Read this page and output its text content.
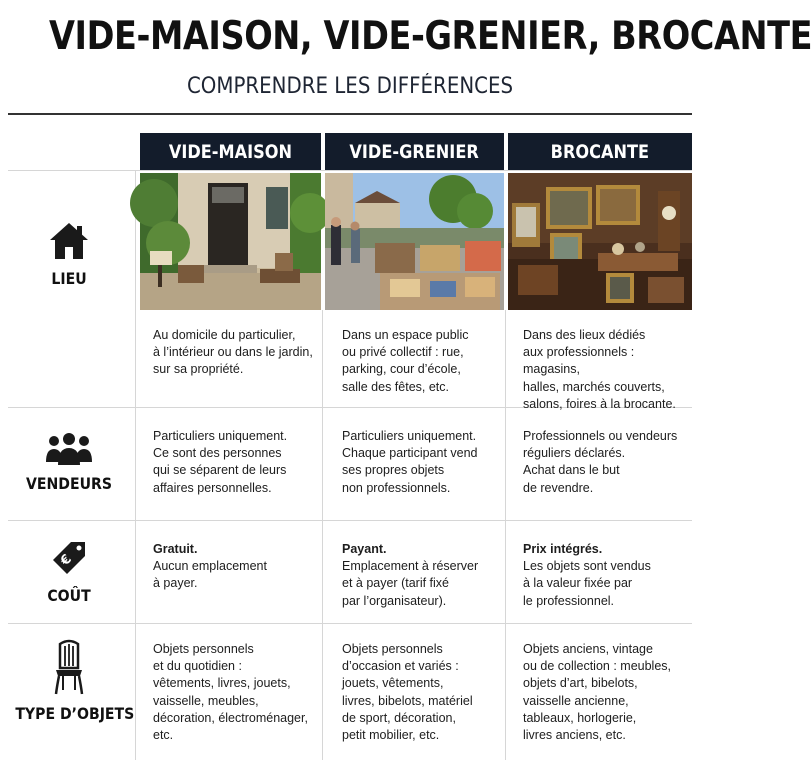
VIDE-MAISON, VIDE-GRENIER, BROCANTE
COMPRENDRE LES DIFFÉRENCES
VIDE-MAISON	VIDE-GRENIER	BROCANTE
LIEU
VENDEURS
€
COÛT
TYPE D’OBJETS
Au domicile du particulier,
à l’intérieur ou dans le jardin,
sur sa propriété.
Dans un espace public
ou privé collectif : rue,
parking, cour d’école,
salle des fêtes, etc.
Dans des lieux dédiés
aux professionnels : magasins,
halles, marchés couverts,
salons, foires à la brocante.
Particuliers uniquement.
Ce sont des personnes
qui se séparent de leurs
affaires personnelles.
Particuliers uniquement.
Chaque participant vend
ses propres objets
non professionnels.
Professionnels ou vendeurs
réguliers déclarés.
Achat dans le but
de revendre.
Gratuit.
Aucun emplacement
à payer.
Payant.
Emplacement à réserver
et à payer (tarif fixé
par l’organisateur).
Prix intégrés.
Les objets sont vendus
à la valeur fixée par
le professionnel.
Objets personnels
et du quotidien :
vêtements, livres, jouets,
vaisselle, meubles,
décoration, électroménager,
etc.
Objets personnels
d’occasion et variés :
jouets, vêtements,
livres, bibelots, matériel
de sport, décoration,
petit mobilier, etc.
Objets anciens, vintage
ou de collection : meubles,
objets d’art, bibelots,
vaisselle ancienne,
tableaux, horlogerie,
livres anciens, etc.
